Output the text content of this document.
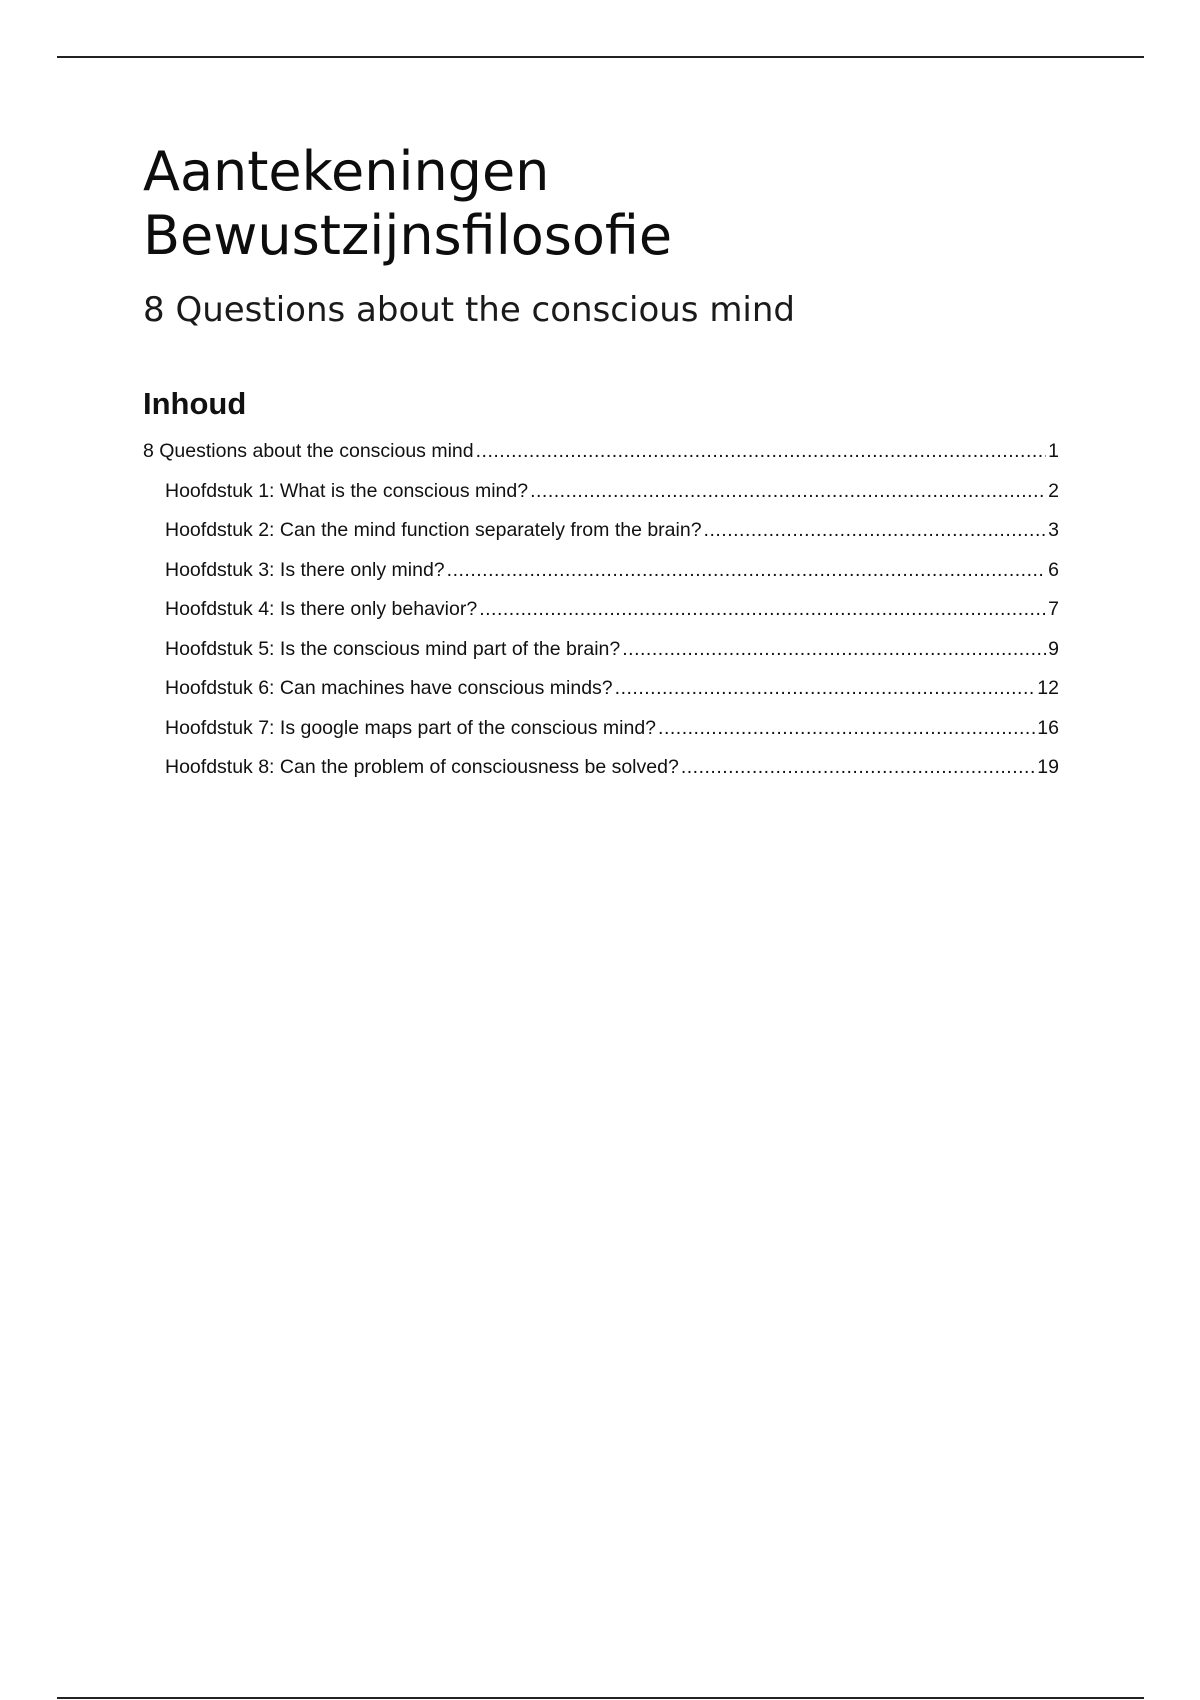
Aantekeningen
Bewustzijnsfilosofie
8 Questions about the conscious mind
Inhoud
8 Questions about the conscious mind .....	1
Hoofdstuk 1: What is the conscious mind? .....	2
Hoofdstuk 2: Can the mind function separately from the brain? .....	3
Hoofdstuk 3: Is there only mind? .....	6
Hoofdstuk 4: Is there only behavior? .....	7
Hoofdstuk 5: Is the conscious mind part of the brain? .....	9
Hoofdstuk 6: Can machines have conscious minds? .....	12
Hoofdstuk 7: Is google maps part of the conscious mind? .....	16
Hoofdstuk 8: Can the problem of consciousness be solved? .....	19
